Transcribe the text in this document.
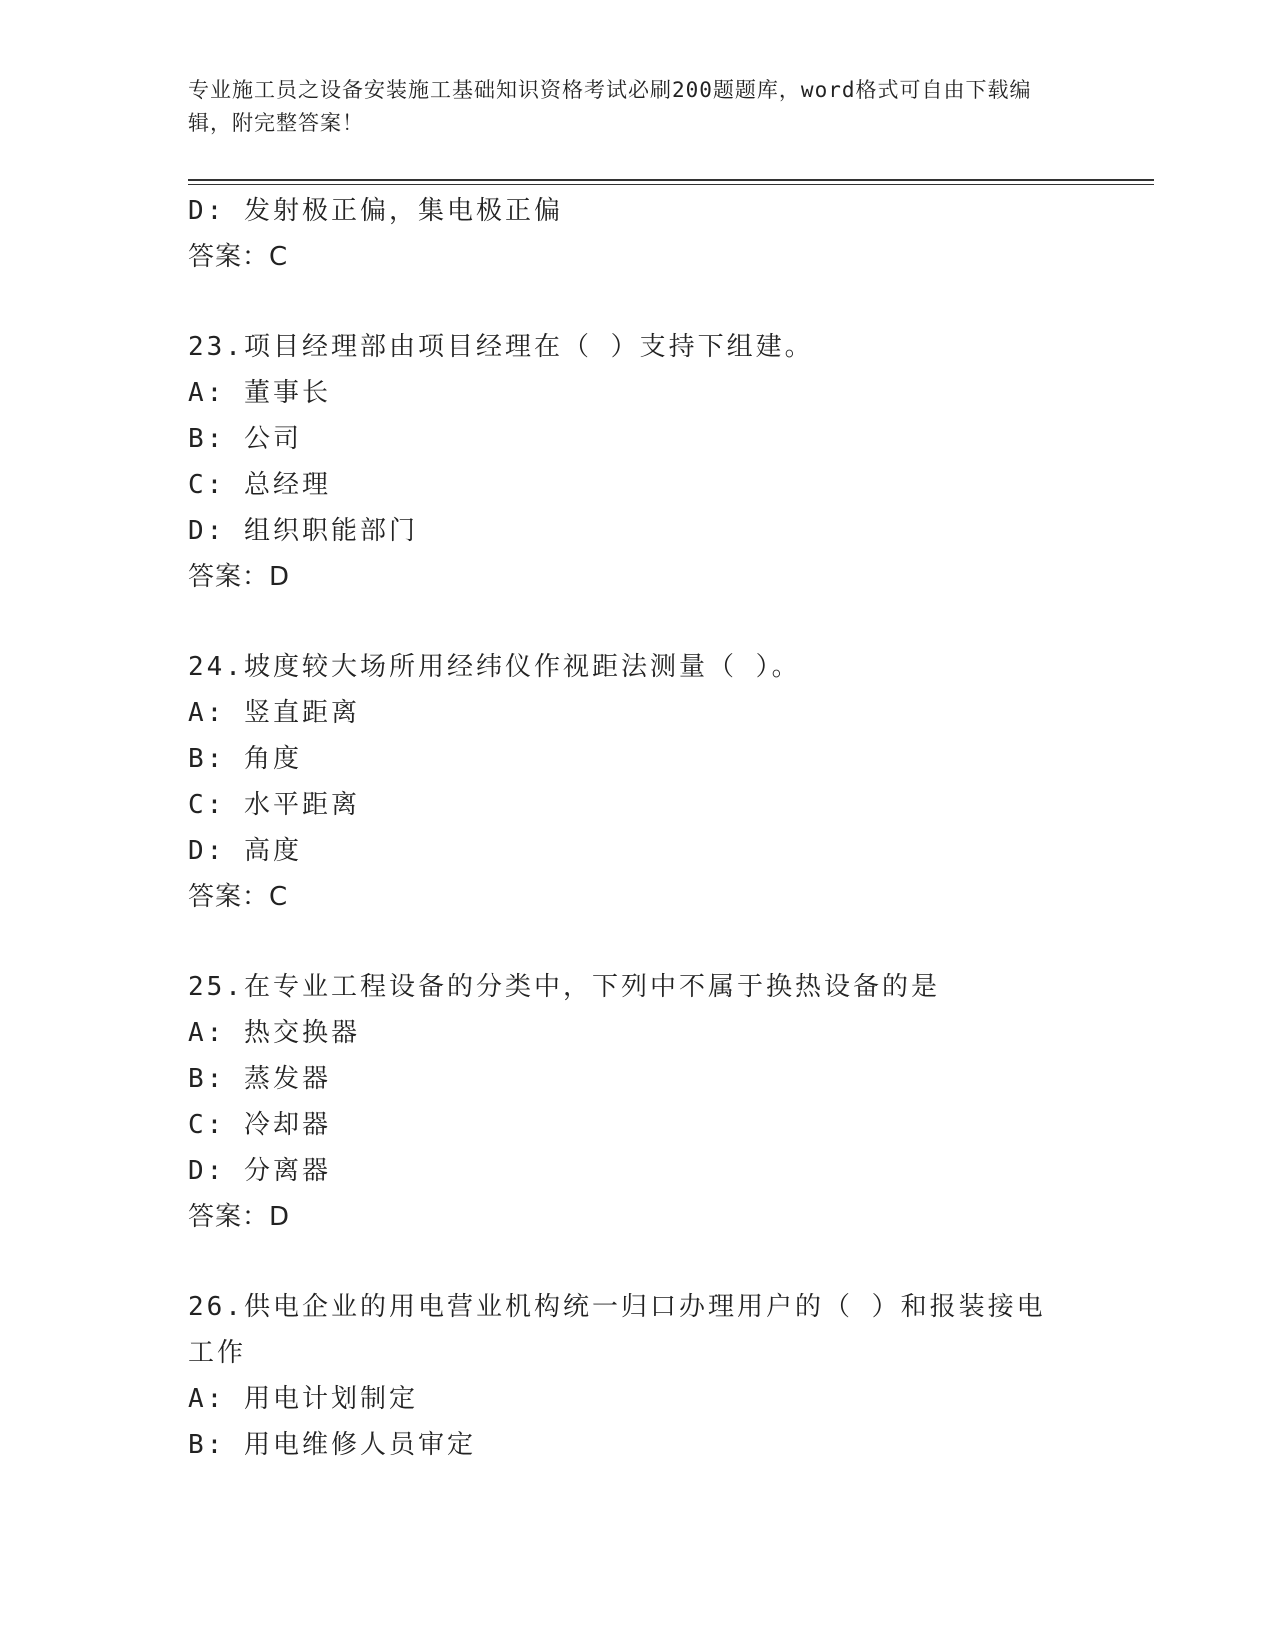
专业施工员之设备安装施工基础知识资格考试必刷200题题库，word格式可自由下载编辑，附完整答案！

D: 发射极正偏，集电极正偏

答案：C

23.项目经理部由项目经理在（ ）支持下组建。

A: 董事长

B: 公司

C: 总经理

D: 组织职能部门

答案：D

24.坡度较大场所用经纬仪作视距法测量（ ）。

A: 竖直距离

B: 角度

C: 水平距离

D: 高度

答案：C

25.在专业工程设备的分类中，下列中不属于换热设备的是

A: 热交换器

B: 蒸发器

C: 冷却器

D: 分离器

答案：D

26.供电企业的用电营业机构统一归口办理用户的（ ）和报装接电工作

A: 用电计划制定

B: 用电维修人员审定
